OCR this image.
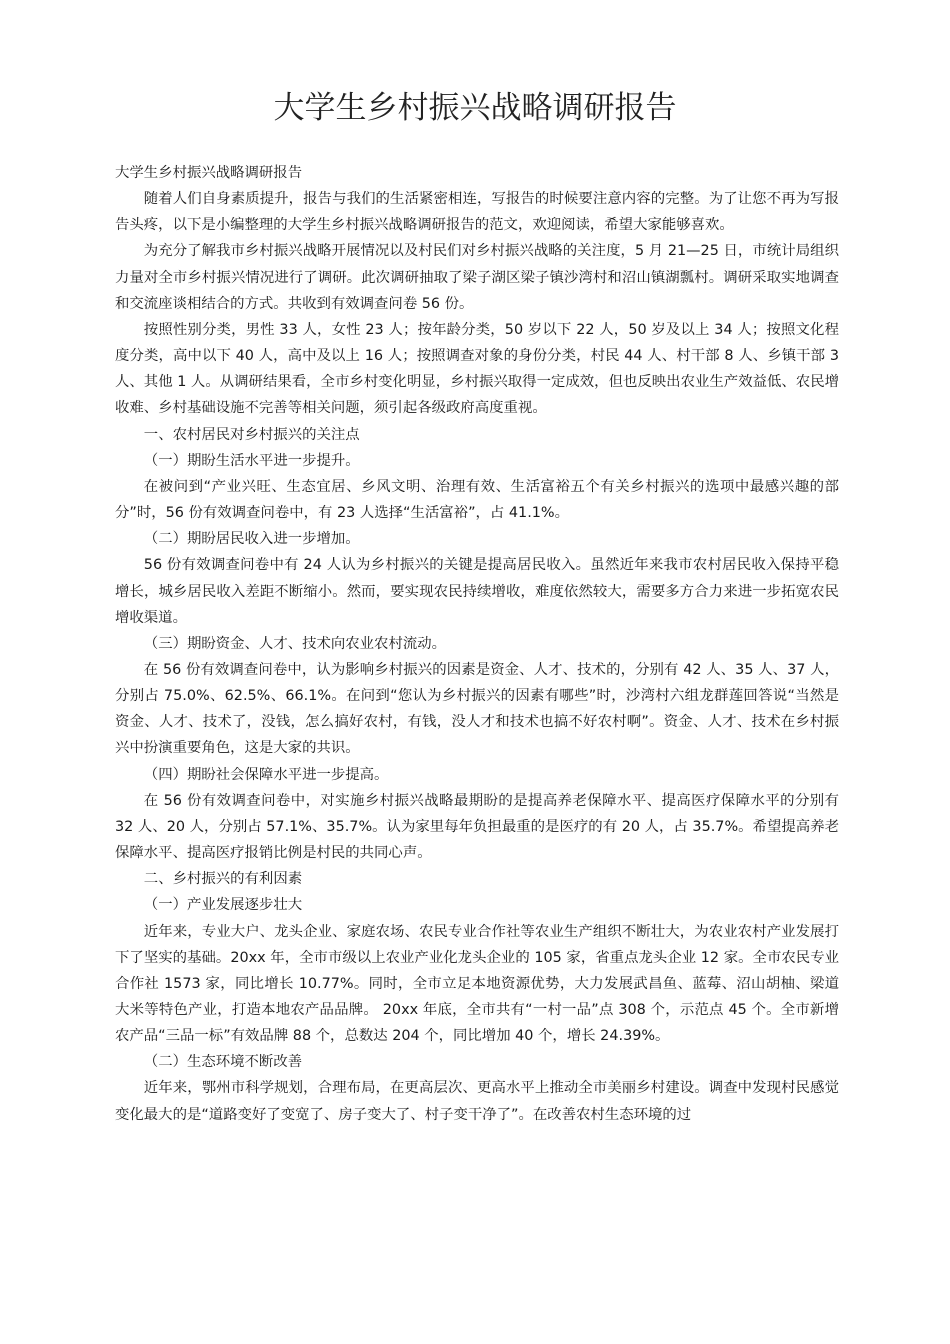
大学生乡村振兴战略调研报告

大学生乡村振兴战略调研报告

随着人们自身素质提升，报告与我们的生活紧密相连，写报告的时候要注意内容的完整。为了让您不再为写报告头疼，以下是小编整理的大学生乡村振兴战略调研报告的范文，欢迎阅读，希望大家能够喜欢。

为充分了解我市乡村振兴战略开展情况以及村民们对乡村振兴战略的关注度，5 月 21—25 日，市统计局组织力量对全市乡村振兴情况进行了调研。此次调研抽取了梁子湖区梁子镇沙湾村和沼山镇湖瓢村。调研采取实地调查和交流座谈相结合的方式。共收到有效调查问卷 56 份。

按照性别分类，男性 33 人，女性 23 人；按年龄分类，50 岁以下 22 人，50 岁及以上 34 人；按照文化程度分类，高中以下 40 人，高中及以上 16 人；按照调查对象的身份分类，村民 44 人、村干部 8 人、乡镇干部 3 人、其他 1 人。从调研结果看，全市乡村变化明显，乡村振兴取得一定成效，但也反映出农业生产效益低、农民增收难、乡村基础设施不完善等相关问题，须引起各级政府高度重视。

一、农村居民对乡村振兴的关注点

（一）期盼生活水平进一步提升。

在被问到“产业兴旺、生态宜居、乡风文明、治理有效、生活富裕五个有关乡村振兴的选项中最感兴趣的部分”时，56 份有效调查问卷中，有 23 人选择“生活富裕”，占 41.1%。

（二）期盼居民收入进一步增加。

56 份有效调查问卷中有 24 人认为乡村振兴的关键是提高居民收入。虽然近年来我市农村居民收入保持平稳增长，城乡居民收入差距不断缩小。然而，要实现农民持续增收，难度依然较大，需要多方合力来进一步拓宽农民增收渠道。

（三）期盼资金、人才、技术向农业农村流动。

在 56 份有效调查问卷中，认为影响乡村振兴的因素是资金、人才、技术的，分别有 42 人、35 人、37 人，分别占 75.0%、62.5%、66.1%。在问到“您认为乡村振兴的因素有哪些”时，沙湾村六组龙群莲回答说“当然是资金、人才、技术了，没钱，怎么搞好农村，有钱，没人才和技术也搞不好农村啊”。资金、人才、技术在乡村振兴中扮演重要角色，这是大家的共识。

（四）期盼社会保障水平进一步提高。

在 56 份有效调查问卷中，对实施乡村振兴战略最期盼的是提高养老保障水平、提高医疗保障水平的分别有 32 人、20 人，分别占 57.1%、35.7%。认为家里每年负担最重的是医疗的有 20 人，占 35.7%。希望提高养老保障水平、提高医疗报销比例是村民的共同心声。

二、乡村振兴的有利因素

（一）产业发展逐步壮大

近年来，专业大户、龙头企业、家庭农场、农民专业合作社等农业生产组织不断壮大，为农业农村产业发展打下了坚实的基础。20xx 年，全市市级以上农业产业化龙头企业的 105 家，省重点龙头企业 12 家。全市农民专业合作社 1573 家，同比增长 10.77%。同时，全市立足本地资源优势，大力发展武昌鱼、蓝莓、沼山胡柚、梁道大米等特色产业，打造本地农产品品牌。 20xx 年底，全市共有“一村一品”点 308 个，示范点 45 个。全市新增农产品“三品一标”有效品牌 88 个，总数达 204 个，同比增加 40 个，增长 24.39%。

（二）生态环境不断改善

近年来，鄂州市科学规划，合理布局，在更高层次、更高水平上推动全市美丽乡村建设。调查中发现村民感觉变化最大的是“道路变好了变宽了、房子变大了、村子变干净了”。在改善农村生态环境的过
